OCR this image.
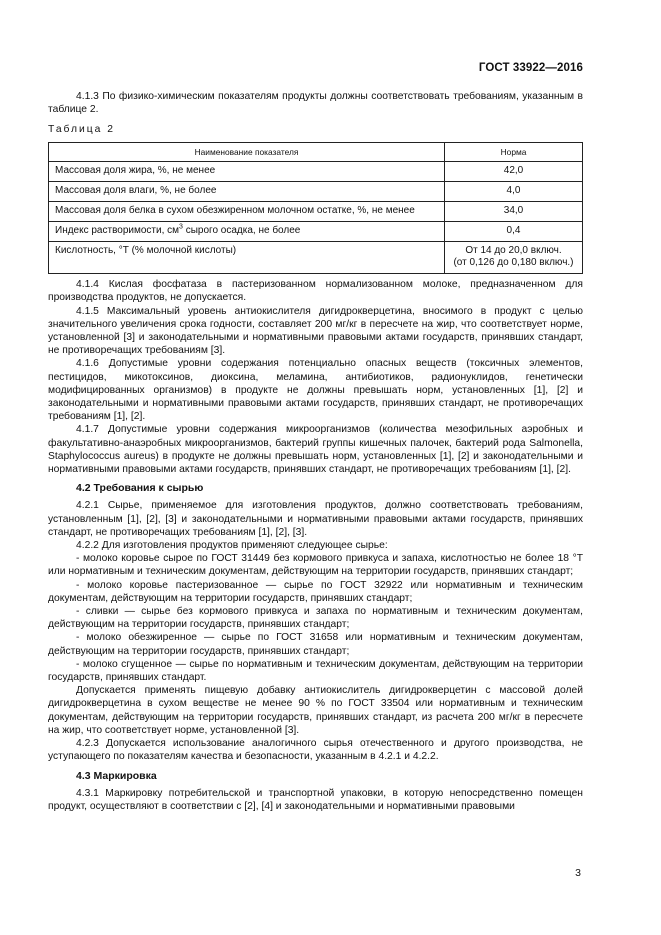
ГОСТ 33922—2016

4.1.3 По физико-химическим показателям продукты должны соответствовать требованиям, указанным в таблице 2.

Таблица 2
Наименование показателя	Норма
Массовая доля жира, %, не менее	42,0
Массовая доля влаги, %, не более	4,0
Массовая доля белка в сухом обезжиренном молочном остатке, %, не менее	34,0
Индекс растворимости, $см^3$ сырого осадка, не более	0,4
Кислотность, °Т (% молочной кислоты)	От 14 до 20,0 включ.
(от 0,126 до 0,180 включ.)

4.1.4 Кислая фосфатаза в пастеризованном нормализованном молоке, предназначенном для производства продуктов, не допускается.

4.1.5 Максимальный уровень антиокислителя дигидрокверцетина, вносимого в продукт с целью значительного увеличения срока годности, составляет 200 мг/кг в пересчете на жир, что соответствует норме, установленной [3] и законодательными и нормативными правовыми актами государств, принявших стандарт, не противоречащих требованиям [3].

4.1.6 Допустимые уровни содержания потенциально опасных веществ (токсичных элементов, пестицидов, микотоксинов, диоксина, меламина, антибиотиков, радионуклидов, генетически модифицированных организмов) в продукте не должны превышать норм, установленных [1], [2] и законодательными и нормативными правовыми актами государств, принявших стандарт, не противоречащих требованиям [1], [2].

4.1.7 Допустимые уровни содержания микроорганизмов (количества мезофильных аэробных и факультативно-анаэробных микроорганизмов, бактерий группы кишечных палочек, бактерий рода Salmonella, Staphylococcus aureus) в продукте не должны превышать норм, установленных [1], [2] и законодательными и нормативными правовыми актами государств, принявших стандарт, не противоречащих требованиям [1], [2].

4.2 Требования к сырью

4.2.1 Сырье, применяемое для изготовления продуктов, должно соответствовать требованиям, установленным [1], [2], [3] и законодательными и нормативными правовыми актами государств, принявших стандарт, не противоречащих требованиям [1], [2], [3].

4.2.2 Для изготовления продуктов применяют следующее сырье:

- молоко коровье сырое по ГОСТ 31449 без кормового привкуса и запаха, кислотностью не более 18 °Т или нормативным и техническим документам, действующим на территории государств, принявших стандарт;

- молоко коровье пастеризованное — сырье по ГОСТ 32922 или нормативным и техническим документам, действующим на территории государств, принявших стандарт;

- сливки — сырье без кормового привкуса и запаха по нормативным и техническим документам, действующим на территории государств, принявших стандарт;

- молоко обезжиренное — сырье по ГОСТ 31658 или нормативным и техническим документам, действующим на территории государств, принявших стандарт;

- молоко сгущенное — сырье по нормативным и техническим документам, действующим на территории государств, принявших стандарт.

Допускается применять пищевую добавку антиокислитель дигидрокверцетин с массовой долей дигидрокверцетина в сухом веществе не менее 90 % по ГОСТ 33504 или нормативным и техническим документам, действующим на территории государств, принявших стандарт, из расчета 200 мг/кг в пересчете на жир, что соответствует норме, установленной [3].

4.2.3 Допускается использование аналогичного сырья отечественного и другого производства, не уступающего по показателям качества и безопасности, указанным в 4.2.1 и 4.2.2.

4.3 Маркировка

4.3.1 Маркировку потребительской и транспортной упаковки, в которую непосредственно помещен продукт, осуществляют в соответствии с [2], [4] и законодательными и нормативными правовыми

3
